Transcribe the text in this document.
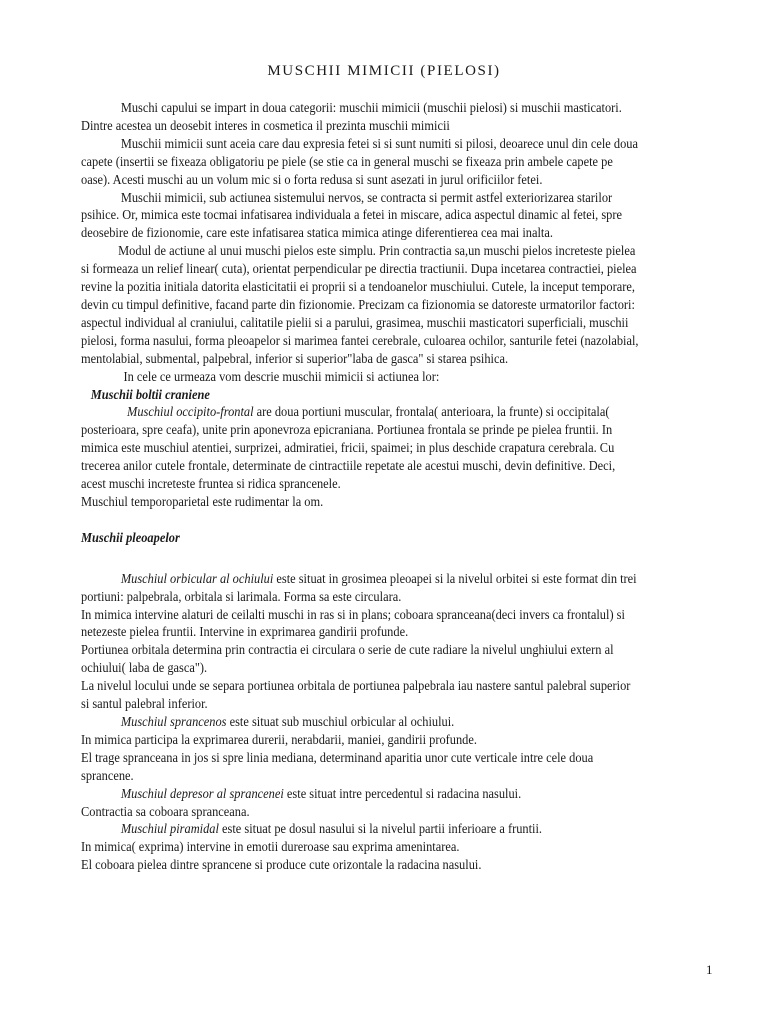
MUSCHII MIMICII (PIELOSI)

Muschi capului se impart in doua categorii: muschii mimicii (muschii pielosi) si muschii masticatori. Dintre acestea un deosebit interes in cosmetica il prezinta muschii mimicii

Muschii mimicii sunt aceia care dau expresia fetei si si sunt numiti si pilosi, deoarece unul din cele doua capete (insertii se fixeaza obligatoriu pe piele (se stie ca in general muschi se fixeaza prin ambele capete pe oase). Acesti muschi au un volum mic si o forta redusa si sunt asezati in jurul orificiilor fetei.

Muschii mimicii, sub actiunea sistemului nervos, se contracta si permit astfel exteriorizarea starilor psihice. Or, mimica este tocmai infatisarea individuala a fetei in miscare, adica aspectul dinamic al fetei, spre deosebire de fizionomie, care este infatisarea statica mimica atinge diferentierea cea mai inalta.

Modul de actiune al unui muschi pielos este simplu. Prin contractia sa,un muschi pielos increteste pielea si formeaza un relief linear( cuta), orientat perpendicular pe directia tractiunii. Dupa incetarea contractiei, pielea revine la pozitia initiala datorita elasticitatii ei proprii si a tendoanelor muschiului. Cutele, la inceput temporare, devin cu timpul definitive, facand parte din fizionomie. Precizam ca fizionomia se datoreste urmatorilor factori: aspectul individual al craniului, calitatile pielii si a parului, grasimea, muschii masticatori superficiali, muschii pielosi, forma nasului, forma pleoapelor si marimea fantei cerebrale, culoarea ochilor, santurile fetei (nazolabial, mentolabial, submental, palpebral, inferior si superior"laba de gasca" si starea psihica.

In cele ce urmeaza vom descrie muschii mimicii si actiunea lor:

Muschii boltii craniene

Muschiul occipito-frontal are doua portiuni muscular, frontala( anterioara, la frunte) si occipitala( posterioara, spre ceafa), unite prin aponevroza epicraniana. Portiunea frontala se prinde pe pielea fruntii. In mimica este muschiul atentiei, surprizei, admiratiei, fricii, spaimei; in plus deschide crapatura cerebrala. Cu trecerea anilor cutele frontale, determinate de cintractiile repetate ale acestui muschi, devin definitive. Deci, acest muschi increteste fruntea si ridica sprancenele.

Muschiul temporoparietal este rudimentar la om.

Muschii pleoapelor

Muschiul orbicular al ochiului este situat in grosimea pleoapei si la nivelul orbitei si este format din trei portiuni: palpebrala, orbitala si larimala. Forma sa este circulara.

In mimica intervine alaturi de ceilalti muschi in ras si in plans; coboara spranceana(deci invers ca frontalul) si netezeste pielea fruntii. Intervine in exprimarea gandirii profunde.

Portiunea orbitala determina prin contractia ei circulara o serie de cute radiare la nivelul unghiului extern al ochiului( laba de gasca").

La nivelul locului unde se separa portiunea orbitala de portiunea palpebrala iau nastere santul palebral superior si santul palebral inferior.

Muschiul sprancenos este situat sub muschiul orbicular al ochiului.

In mimica participa la exprimarea durerii, nerabdarii, maniei, gandirii profunde.

El trage spranceana in jos si spre linia mediana, determinand aparitia unor cute verticale intre cele doua sprancene.

Muschiul depresor al sprancenei este situat intre percedentul si radacina nasului.

Contractia sa coboara spranceana.

Muschiul piramidal este situat pe dosul nasului si la nivelul partii inferioare a fruntii.

In mimica( exprima) intervine in emotii dureroase sau exprima amenintarea.

El coboara pielea dintre sprancene si produce cute orizontale la radacina nasului.

1
